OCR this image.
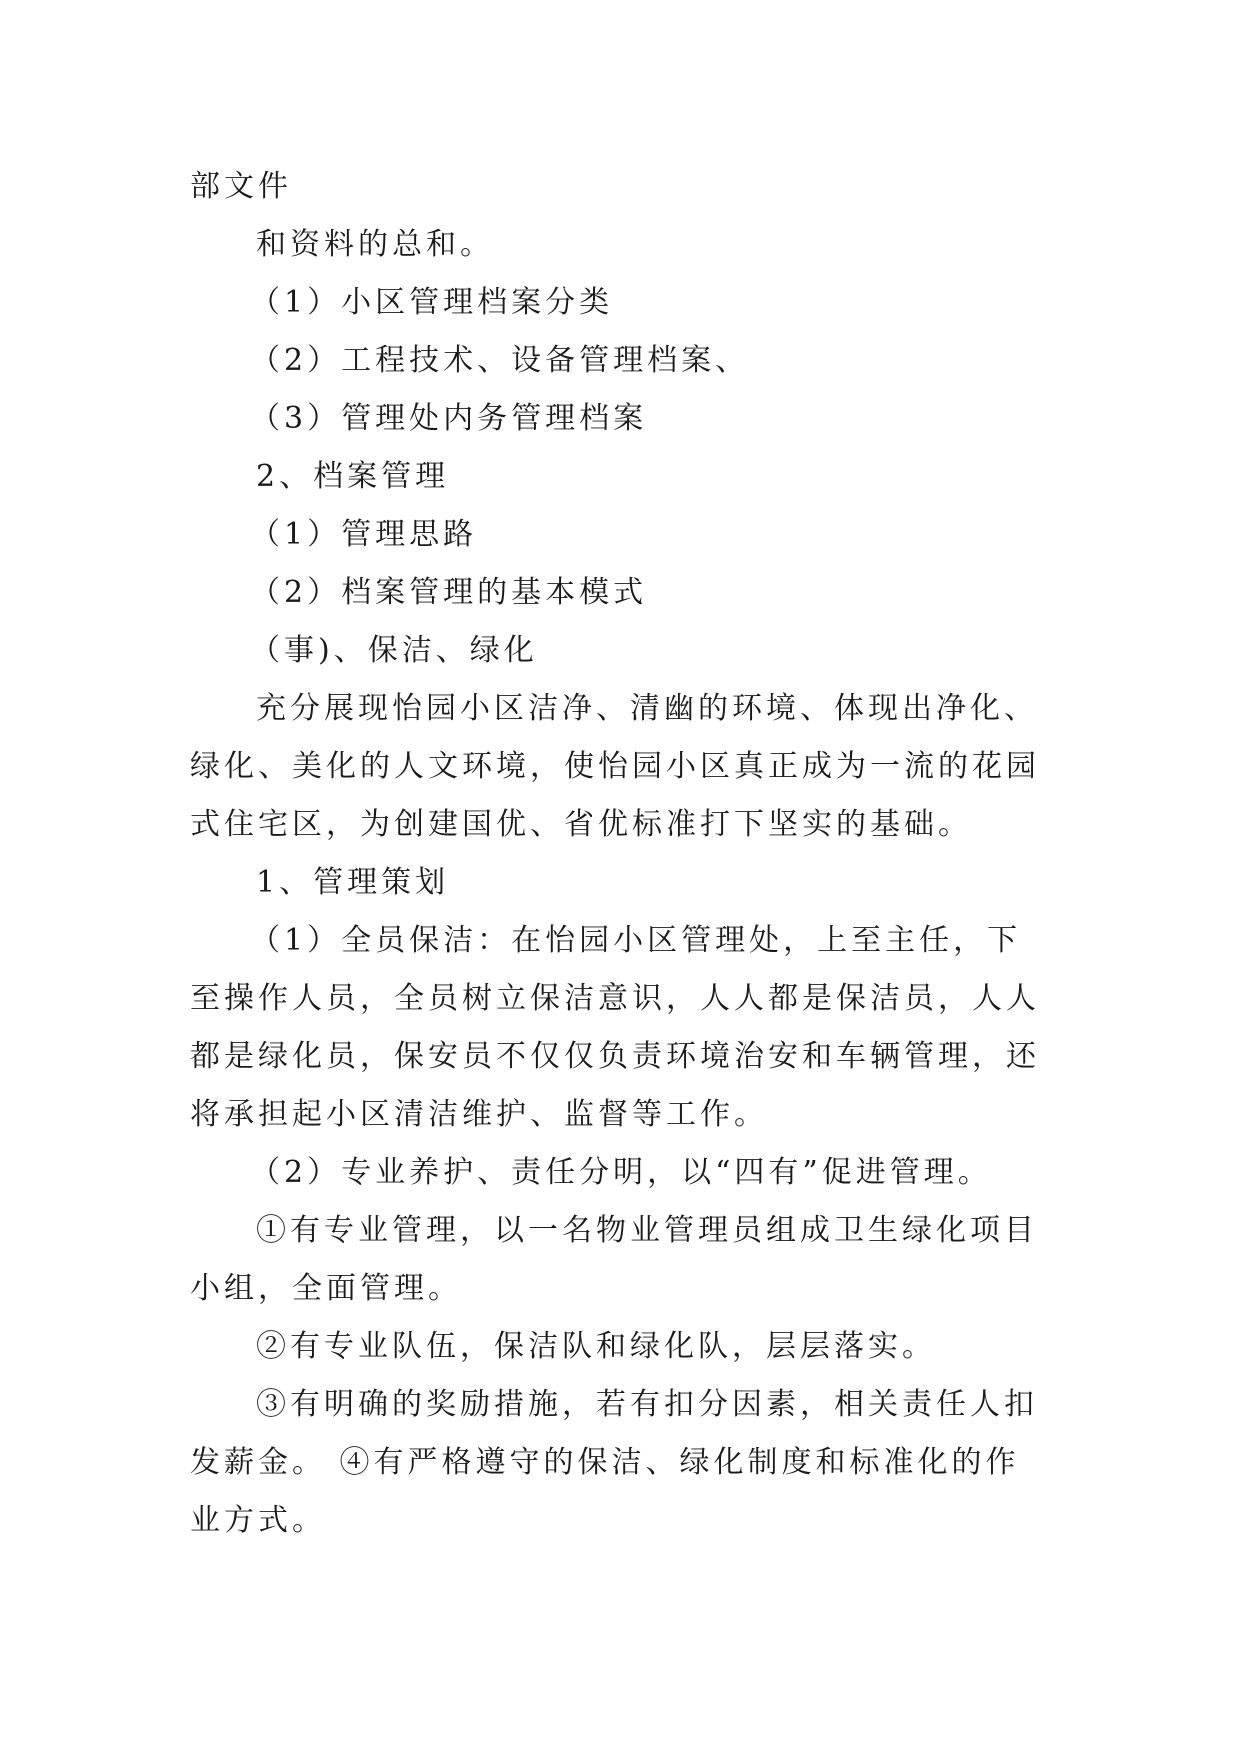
部文件

和资料的总和。

（1）小区管理档案分类

（2）工程技术、设备管理档案、

（3）管理处内务管理档案

2、档案管理

（1）管理思路

（2）档案管理的基本模式

（事)、保洁、绿化

充分展现怡园小区洁净、清幽的环境、体现出净化、绿化、美化的人文环境，使怡园小区真正成为一流的花园式住宅区，为创建国优、省优标准打下坚实的基础。

1、管理策划

（1）全员保洁：在怡园小区管理处，上至主任，下至操作人员，全员树立保洁意识，人人都是保洁员，人人都是绿化员，保安员不仅仅负责环境治安和车辆管理，还将承担起小区清洁维护、监督等工作。

（2）专业养护、责任分明，以“四有”促进管理。

①有专业管理，以一名物业管理员组成卫生绿化项目小组，全面管理。

②有专业队伍，保洁队和绿化队，层层落实。

③有明确的奖励措施，若有扣分因素，相关责任人扣发薪金。 ④有严格遵守的保洁、绿化制度和标准化的作业方式。
